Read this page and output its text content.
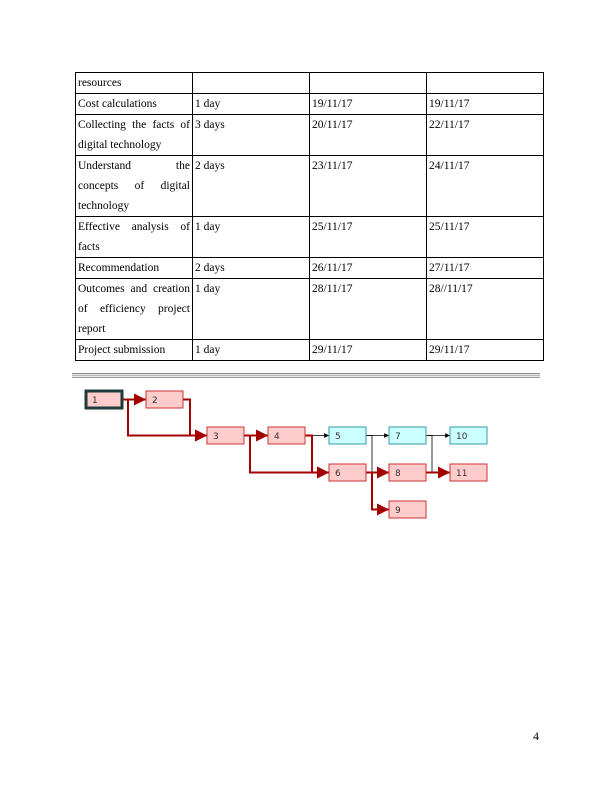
resources			
Cost calculations	1 day	19/11/17	19/11/17
Collecting the facts of digital technology	3 days	20/11/17	22/11/17
Understand the concepts of digital technology	2 days	23/11/17	24/11/17
Effective analysis of facts	1 day	25/11/17	25/11/17
Recommendation	2 days	26/11/17	27/11/17
Outcomes and creation of efficiency project report	1 day	28/11/17	28//11/17
Project submission	1 day	29/11/17	29/11/17
1	2
3	4	5
6
7
8
9
10
11
4
